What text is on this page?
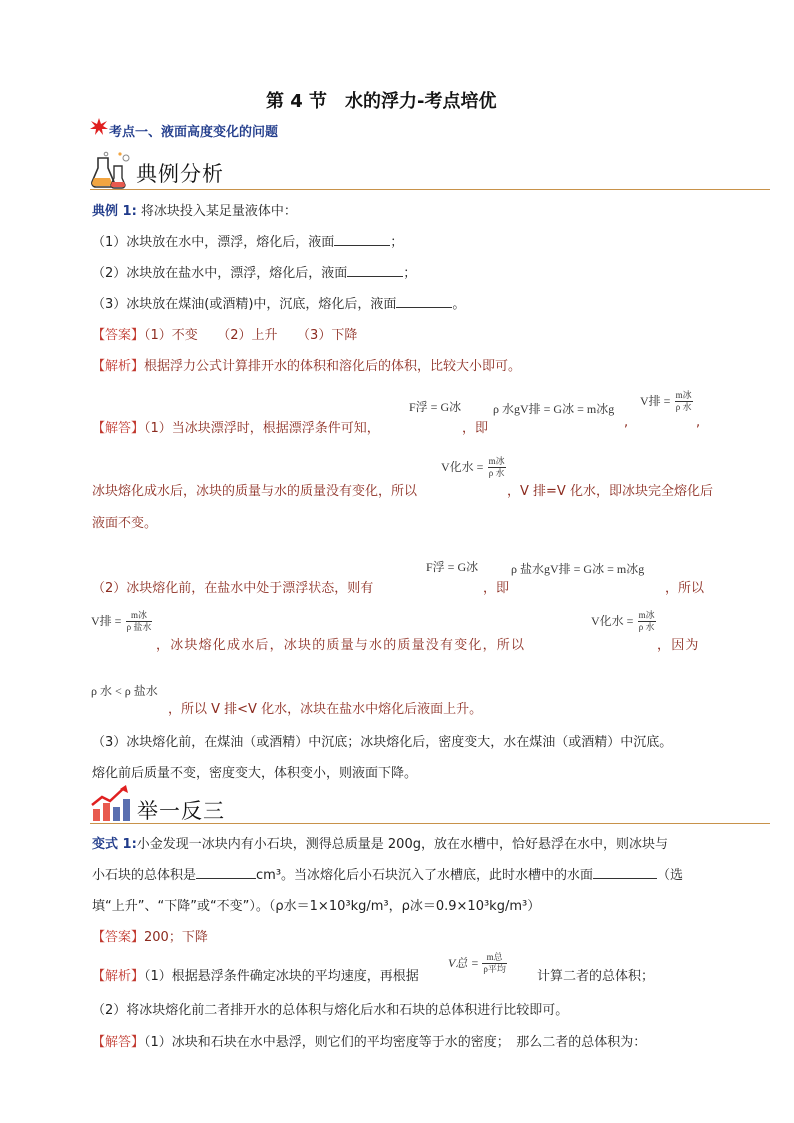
第 4 节　水的浮力-考点培优
考点一、液面高度变化的问题
典例分析
典例 1: 将冰块投入某足量液体中：
（1）冰块放在水中，漂浮，熔化后，液面	；
（2）冰块放在盐水中，漂浮，熔化后，液面	；
（3）冰块放在煤油(或酒精)中，沉底，熔化后，液面	。
【答案】（1）不变　　（2）上升　　（3）下降
【解析】根据浮力公式计算排开水的体积和溶化后的体积，比较大小即可。
【解答】（1）当冰块漂浮时，根据漂浮条件可知，
F浮 = G冰
，即
ρ 水gV排 = G冰 = m冰g
,
V排 = $\frac{\text{m冰}}{\text{ρ 水}}$
,
V化水 = $\frac{\text{m冰}}{\text{ρ 水}}$
冰块熔化成水后，冰块的质量与水的质量没有变化，所以	，V 排=V 化水，即冰块完全熔化后
液面不变。
（2）冰块熔化前，在盐水中处于漂浮状态，则有
F浮 = G冰
，即
ρ 盐水gV排 = G冰 = m冰g
，所以
V排 = $\frac{\text{m冰}}{\text{ρ 盐水}}$
，冰块熔化成水后，冰块的质量与水的质量没有变化，所以
V化水 = $\frac{\text{m冰}}{\text{ρ 水}}$
，因为
ρ 水 < ρ 盐水
，所以 V 排<V 化水，冰块在盐水中熔化后液面上升。
（3）冰块熔化前，在煤油（或酒精）中沉底；冰块熔化后，密度变大，水在煤油（或酒精）中沉底。
熔化前后质量不变，密度变大，体积变小，则液面下降。
举一反三
变式 1:小金发现一冰块内有小石块，测得总质量是 200g，放在水槽中，恰好悬浮在水中，则冰块与
小石块的总体积是	cm³。当冰熔化后小石块沉入了水槽底，此时水槽中的水面	（选
填“上升”、“下降”或“不变”）。（ρ水＝1×10³kg/m³，ρ冰＝0.9×10³kg/m³）
【答案】200；下降
【解析】（1）根据悬浮条件确定冰块的平均速度，再根据
V总 = $\frac{\text{m总}}{\text{ρ平均}}$
计算二者的总体积；
（2）将冰块熔化前二者排开水的总体积与熔化后水和石块的总体积进行比较即可。
【解答】（1）冰块和石块在水中悬浮，则它们的平均密度等于水的密度；　那么二者的总体积为：
